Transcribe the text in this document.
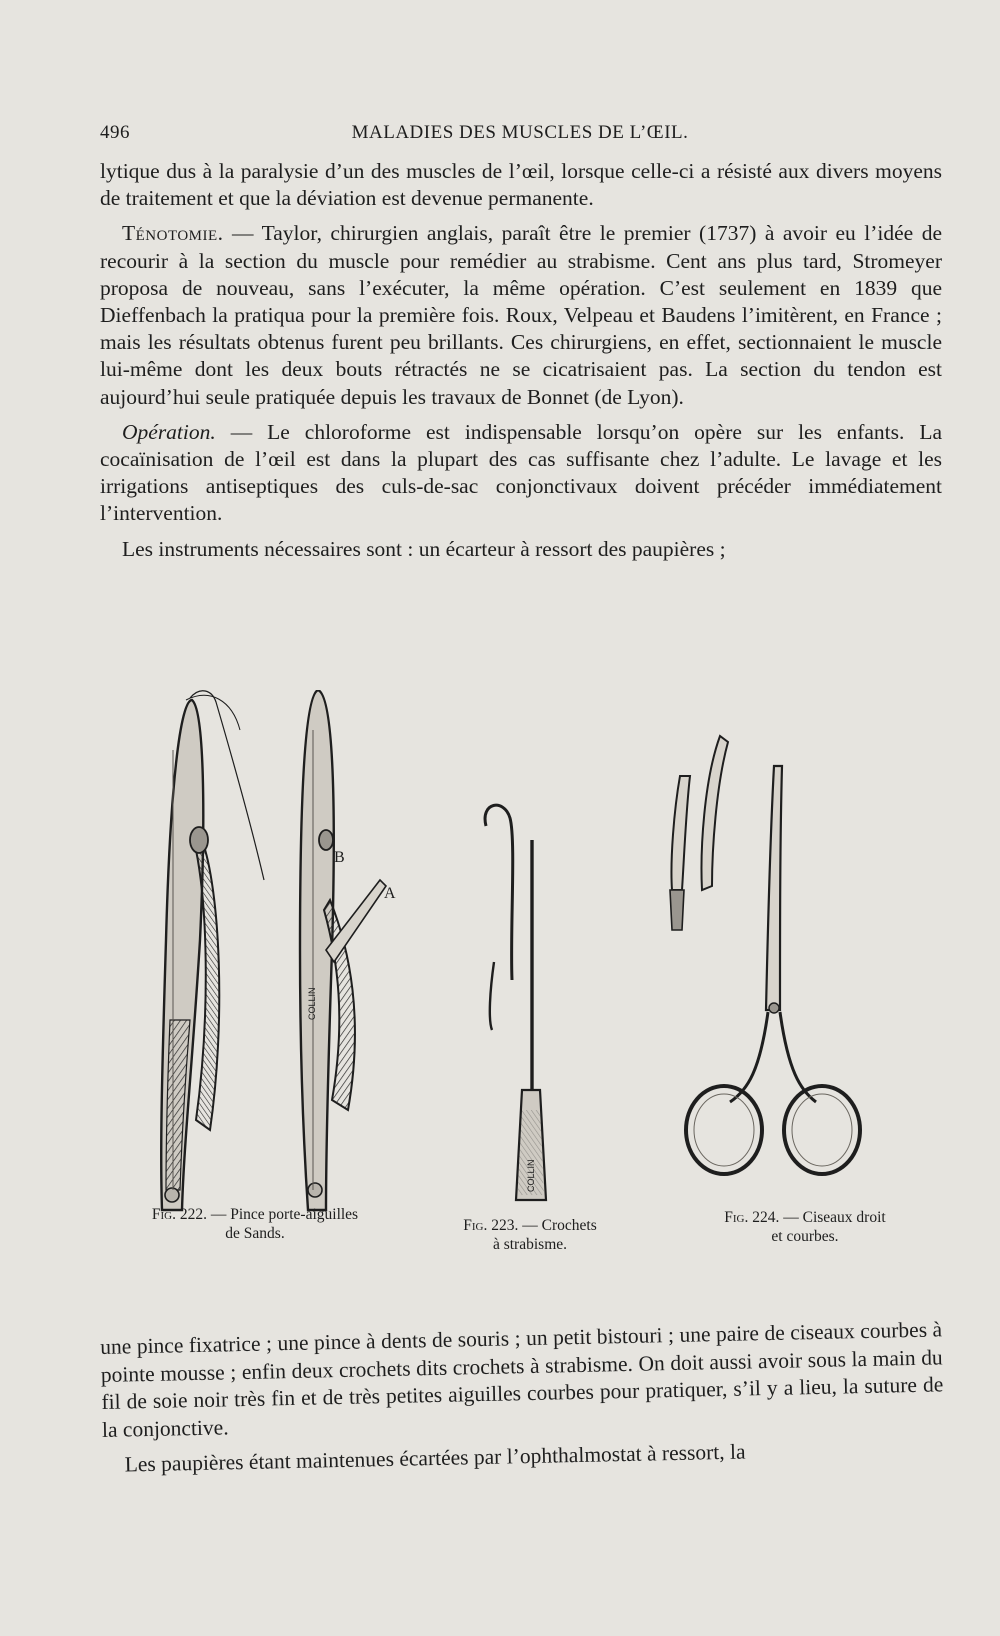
496	MALADIES DES MUSCLES DE L’ŒIL.

lytique dus à la paralysie d’un des muscles de l’œil, lorsque celle-ci a résisté aux divers moyens de traitement et que la déviation est devenue permanente.

Ténotomie. — Taylor, chirurgien anglais, paraît être le premier (1737) à avoir eu l’idée de recourir à la section du muscle pour remédier au strabisme. Cent ans plus tard, Stromeyer proposa de nouveau, sans l’exécuter, la même opération. C’est seulement en 1839 que Dieffenbach la pratiqua pour la première fois. Roux, Velpeau et Baudens l’imitèrent, en France ; mais les résultats obtenus furent peu brillants. Ces chirurgiens, en effet, sectionnaient le muscle lui-même dont les deux bouts rétractés ne se cicatrisaient pas. La section du tendon est aujourd’hui seule pratiquée depuis les travaux de Bonnet (de Lyon).

Opération. — Le chloroforme est indispensable lorsqu’on opère sur les enfants. La cocaïnisation de l’œil est dans la plupart des cas suffisante chez l’adulte. Le lavage et les irrigations antiseptiques des culs-de-sac conjonctivaux doivent précéder immédiatement l’intervention.

Les instruments nécessaires sont : un écarteur à ressort des paupières ;

B
A
COLLIN
COLLIN
Fig. 222. — Pince porte-aiguilles
de Sands.	Fig. 223. — Crochets
à strabisme.
Fig. 224. — Ciseaux droit
et courbes.

une pince fixatrice ; une pince à dents de souris ; un petit bistouri ; une paire de ciseaux courbes à pointe mousse ; enfin deux crochets dits crochets à strabisme. On doit aussi avoir sous la main du fil de soie noir très fin et de très petites aiguilles courbes pour pratiquer, s’il y a lieu, la suture de la conjonctive.

Les paupières étant maintenues écartées par l’ophthalmostat à ressort, la
